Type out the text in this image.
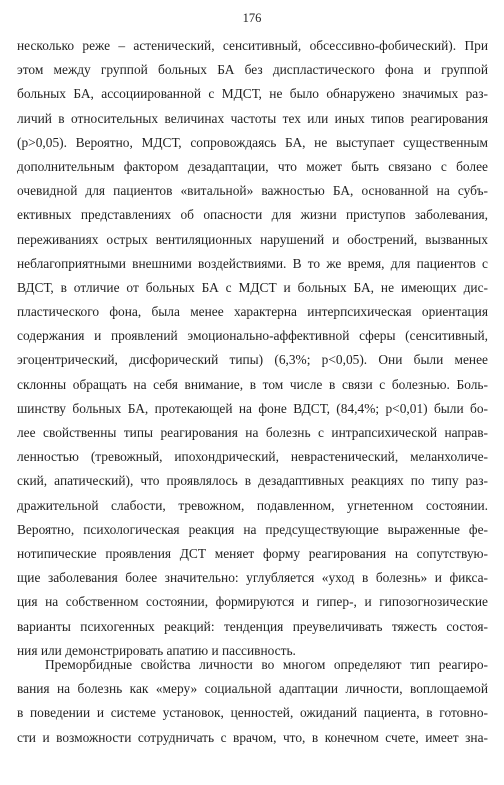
176
несколько реже – астенический, сенситивный, обсессивно-фобический). При
этом между группой больных БА без диспластического фона и группой
больных БА, ассоциированной с МДСТ, не было обнаружено значимых раз-
личий в относительных величинах частоты тех или иных типов реагирования
(p>0,05). Вероятно, МДСТ, сопровождаясь БА, не выступает существенным
дополнительным фактором дезадаптации, что может быть связано с более
очевидной для пациентов «витальной» важностью БА, основанной на субъ-
ективных представлениях об опасности для жизни приступов заболевания,
переживаниях острых вентиляционных нарушений и обострений, вызванных
неблагоприятными внешними воздействиями. В то же время, для пациентов с
ВДСТ, в отличие от больных БА с МДСТ и больных БА, не имеющих дис-
пластического фона, была менее характерна интерпсихическая ориентация
содержания и проявлений эмоционально-аффективной сферы (сенситивный,
эгоцентрический, дисфорический типы) (6,3%; p<0,05). Они были менее
склонны обращать на себя внимание, в том числе в связи с болезнью. Боль-
шинству больных БА, протекающей на фоне ВДСТ, (84,4%; p<0,01) были бо-
лее свойственны типы реагирования на болезнь с интрапсихической направ-
ленностью (тревожный, ипохондрический, неврастенический, меланхоличе-
ский, апатический), что проявлялось в дезадаптивных реакциях по типу раз-
дражительной слабости, тревожном, подавленном, угнетенном состоянии.
Вероятно, психологическая реакция на предсуществующие выраженные фе-
нотипические проявления ДСТ меняет форму реагирования на сопутствую-
щие заболевания более значительно: углубляется «уход в болезнь» и фикса-
ция на собственном состоянии, формируются и гипер-, и гипозогнозические
варианты психогенных реакций: тенденция преувеличивать тяжесть состоя-
ния или демонстрировать апатию и пассивность.
Преморбидные свойства личности во многом определяют тип реагиро-
вания на болезнь как «меру» социальной адаптации личности, воплощаемой
в поведении и системе установок, ценностей, ожиданий пациента, в готовно-
сти и возможности сотрудничать с врачом, что, в конечном счете, имеет зна-
